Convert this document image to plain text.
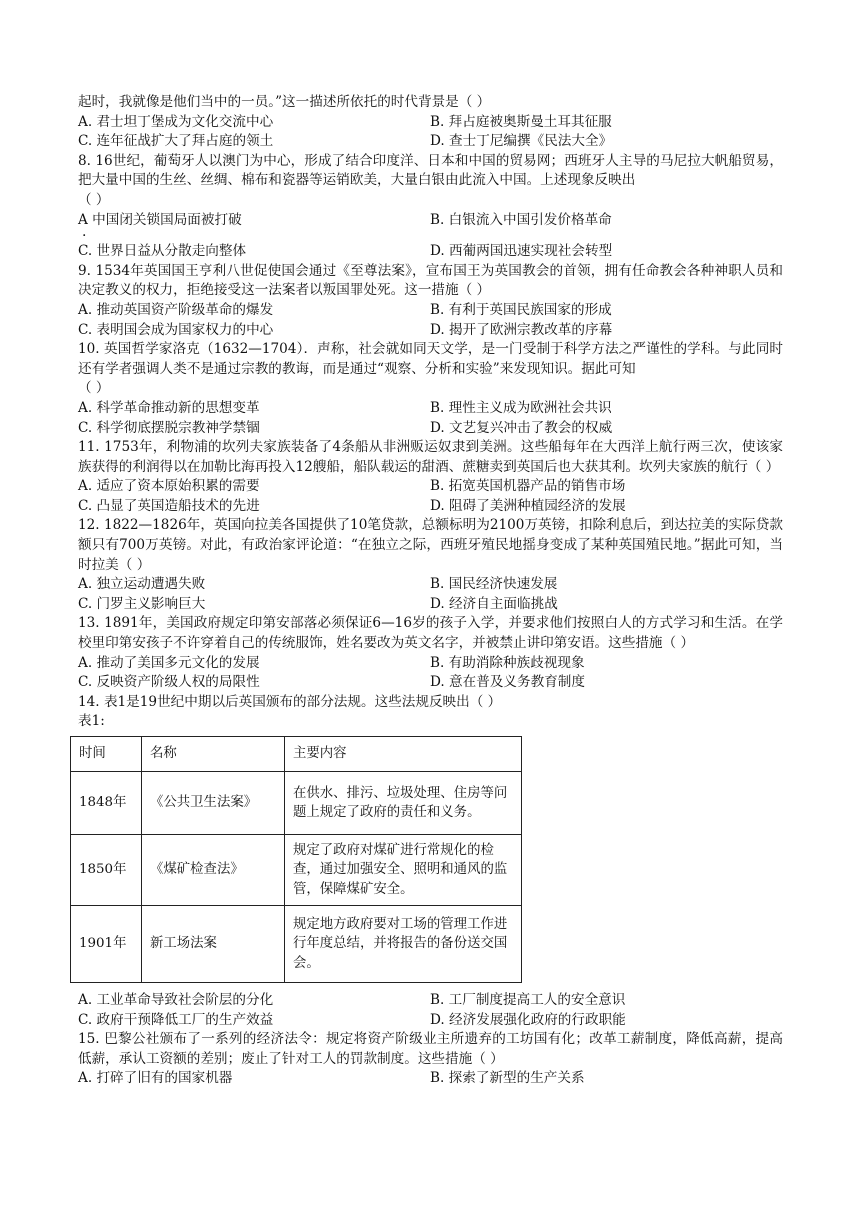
起时，我就像是他们当中的一员。”这一描述所依托的时代背景是（ ）
A. 君士坦丁堡成为文化交流中心	B. 拜占庭被奥斯曼土耳其征服
C. 连年征战扩大了拜占庭的领土	D. 查士丁尼编撰《民法大全》
8. 16世纪，葡萄牙人以澳门为中心，形成了结合印度洋、日本和中国的贸易网；西班牙人主导的马尼拉大帆船贸易，把大量中国的生丝、丝绸、棉布和瓷器等运销欧美，大量白银由此流入中国。上述现象反映出
（ ）
A 中国闭关锁国局面被打破	B. 白银流入中国引发价格革命
·
C. 世界日益从分散走向整体	D. 西葡两国迅速实现社会转型
9. 1534年英国国王亨利八世促使国会通过《至尊法案》，宣布国王为英国教会的首领，拥有任命教会各种神职人员和决定教义的权力，拒绝接受这一法案者以叛国罪处死。这一措施（ ）
A. 推动英国资产阶级革命的爆发	B. 有利于英国民族国家的形成
C. 表明国会成为国家权力的中心	D. 揭开了欧洲宗教改革的序幕
10. 英国哲学家洛克（1632—1704）．声称，社会就如同天文学，是一门受制于科学方法之严谨性的学科。与此同时还有学者强调人类不是通过宗教的教诲，而是通过“观察、分析和实验”来发现知识。据此可知
（ ）
A. 科学革命推动新的思想变革	B. 理性主义成为欧洲社会共识
C. 科学彻底摆脱宗教神学禁锢	D. 文艺复兴冲击了教会的权威
11. 1753年，利物浦的坎列夫家族装备了4条船从非洲贩运奴隶到美洲。这些船每年在大西洋上航行两三次，使该家族获得的利润得以在加勒比海再投入12艘船，船队载运的甜酒、蔗糖卖到英国后也大获其利。坎列夫家族的航行（ ）
A. 适应了资本原始积累的需要	B. 拓宽英国机器产品的销售市场
C. 凸显了英国造船技术的先进	D. 阻碍了美洲种植园经济的发展
12. 1822—1826年，英国向拉美各国提供了10笔贷款，总额标明为2100万英镑，扣除利息后，到达拉美的实际贷款额只有700万英镑。对此，有政治家评论道：“在独立之际，西班牙殖民地摇身变成了某种英国殖民地。”据此可知，当时拉美（ ）
A. 独立运动遭遇失败	B. 国民经济快速发展
C. 门罗主义影响巨大	D. 经济自主面临挑战
13. 1891年，美国政府规定印第安部落必须保证6—16岁的孩子入学，并要求他们按照白人的方式学习和生活。在学校里印第安孩子不许穿着自己的传统服饰，姓名要改为英文名字，并被禁止讲印第安语。这些措施（ ）
A. 推动了美国多元文化的发展	B. 有助消除种族歧视现象
C. 反映资产阶级人权的局限性	D. 意在普及义务教育制度
14. 表1是19世纪中期以后英国颁布的部分法规。这些法规反映出（ ）
表1:
时间	名称	主要内容
1848年	《公共卫生法案》	在供水、排污、垃圾处理、住房等问题上规定了政府的责任和义务。
1850年	《煤矿检查法》	规定了政府对煤矿进行常规化的检查，通过加强安全、照明和通风的监管，保障煤矿安全。
1901年	新工场法案	规定地方政府要对工场的管理工作进行年度总结，并将报告的备份送交国会。
A. 工业革命导致社会阶层的分化	B. 工厂制度提高工人的安全意识
C. 政府干预降低工厂的生产效益	D. 经济发展强化政府的行政职能
15. 巴黎公社颁布了一系列的经济法令：规定将资产阶级业主所遗弃的工坊国有化；改革工薪制度，降低高薪，提高低薪，承认工资额的差别；废止了针对工人的罚款制度。这些措施（ ）
A. 打碎了旧有的国家机器	B. 探索了新型的生产关系
